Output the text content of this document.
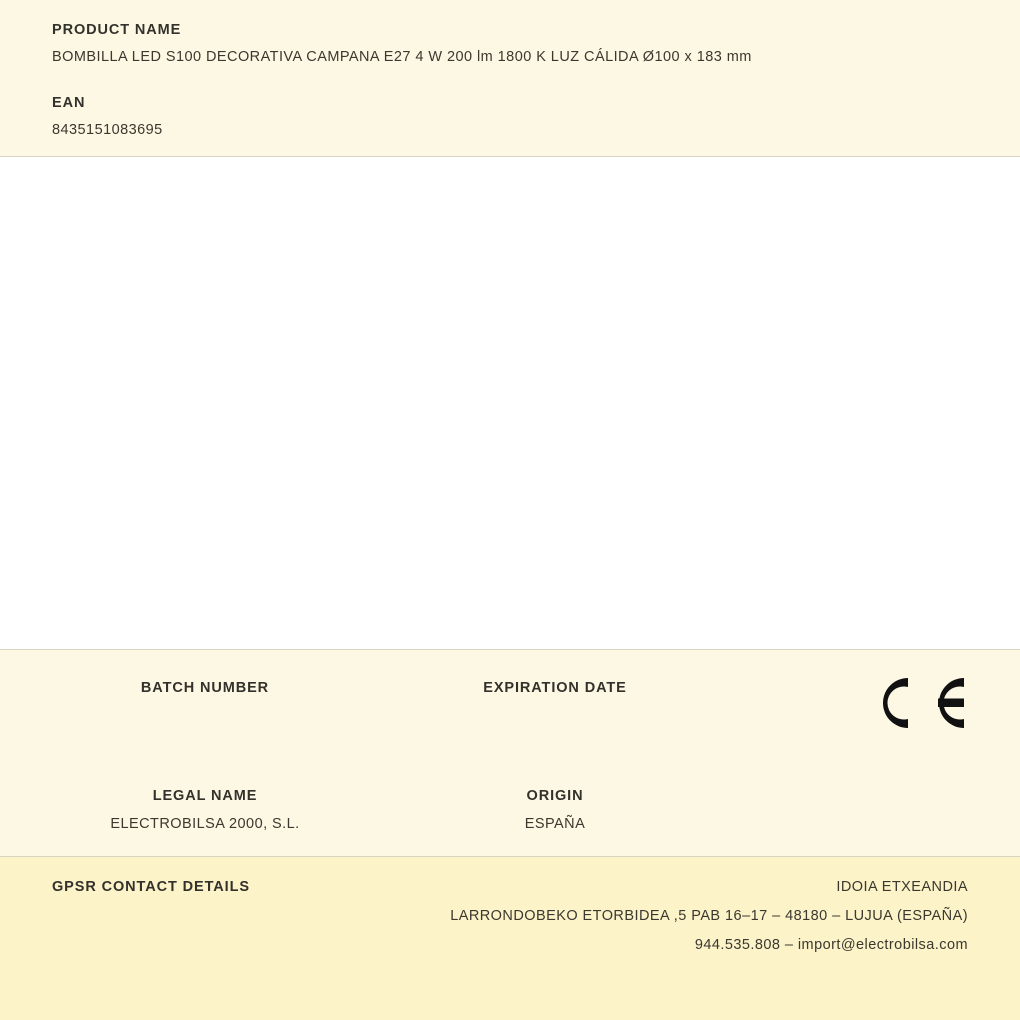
PRODUCT NAME

BOMBILLA LED S100 DECORATIVA CAMPANA E27 4 W 200 lm 1800 K LUZ CÁLIDA Ø100 x 183 mm

EAN

8435151083695

BATCH NUMBER	EXPIRATION DATE

LEGAL NAME

ELECTROBILSA 2000, S.L.

ORIGIN

ESPAÑA

GPSR CONTACT DETAILS	IDOIA ETXEANDIA

LARRONDOBEKO ETORBIDEA ,5 PAB 16–17 – 48180 – LUJUA (ESPAÑA)

944.535.808 – import@electrobilsa.com
